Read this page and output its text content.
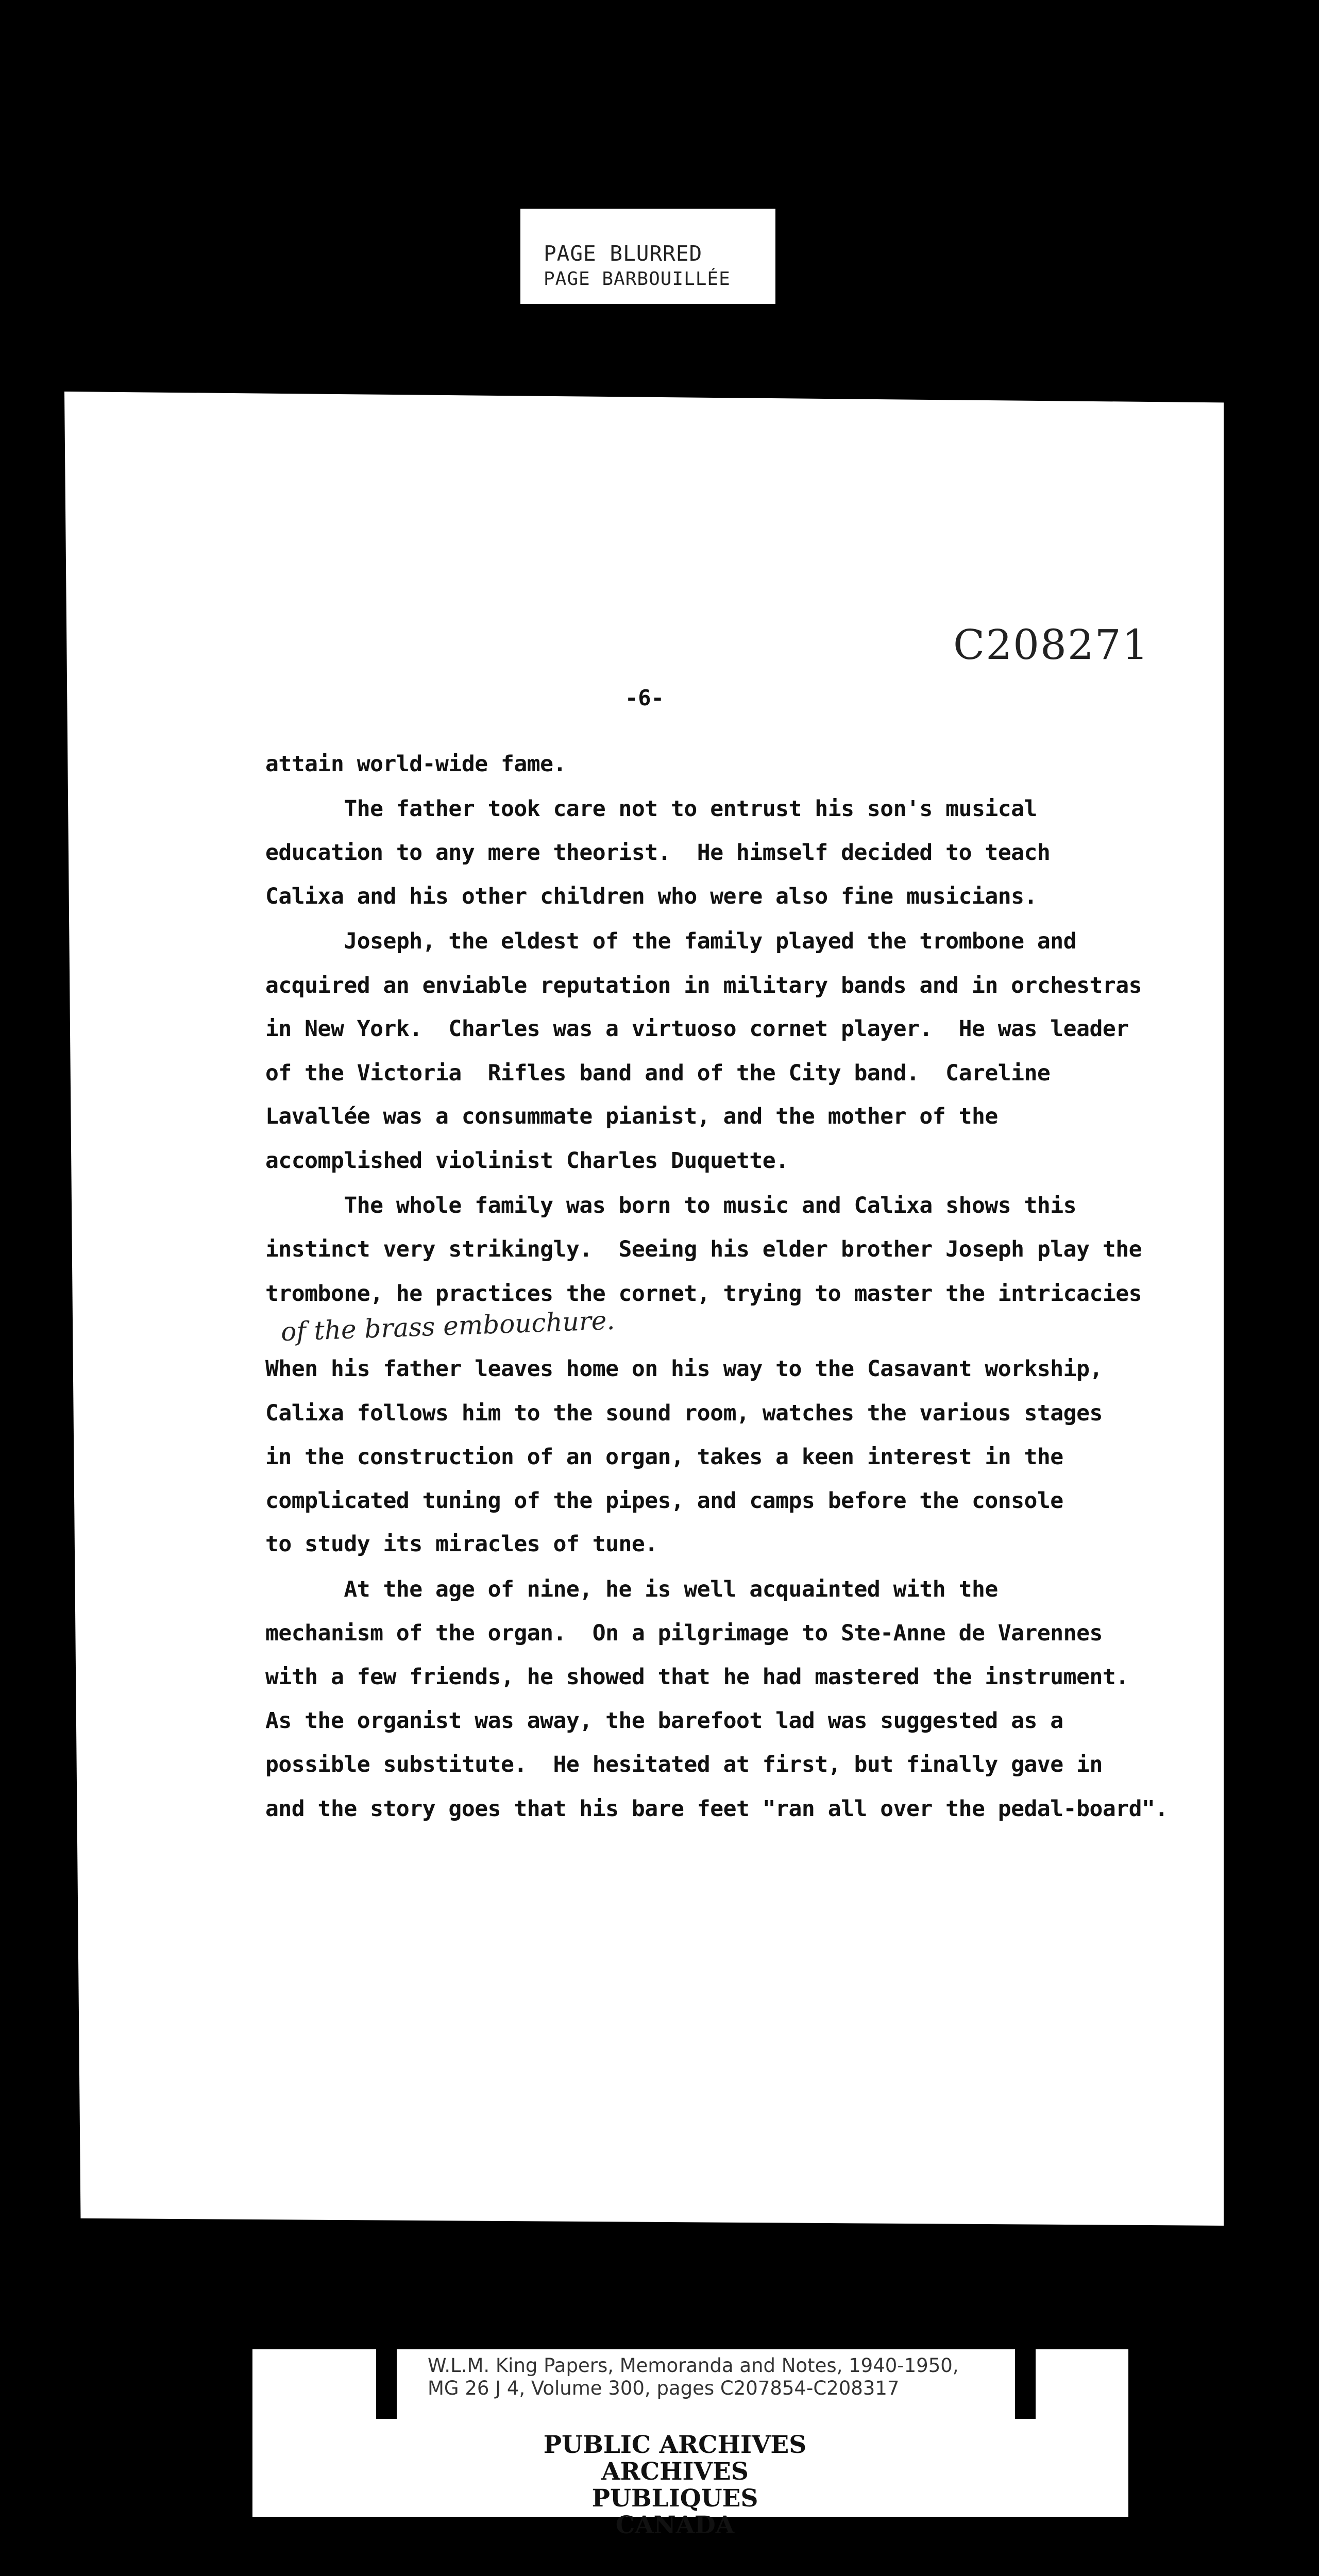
PAGE BLURRED
PAGE BARBOUILLÉE
C208271
-6-
attain world-wide fame.
The father took care not to entrust his son's musical
education to any mere theorist.  He himself decided to teach
Calixa and his other children who were also fine musicians.
Joseph, the eldest of the family played the trombone and
acquired an enviable reputation in military bands and in orchestras
in New York.  Charles was a virtuoso cornet player.  He was leader
of the Victoria  Rifles band and of the City band.  Careline
Lavallée was a consummate pianist, and the mother of the
accomplished violinist Charles Duquette.
The whole family was born to music and Calixa shows this
instinct very strikingly.  Seeing his elder brother Joseph play the
trombone, he practices the cornet, trying to master the intricacies
When his father leaves home on his way to the Casavant workship,
Calixa follows him to the sound room, watches the various stages
in the construction of an organ, takes a keen interest in the
complicated tuning of the pipes, and camps before the console
to study its miracles of tune.
At the age of nine, he is well acquainted with the
mechanism of the organ.  On a pilgrimage to Ste-Anne de Varennes
with a few friends, he showed that he had mastered the instrument.
As the organist was away, the barefoot lad was suggested as a
possible substitute.  He hesitated at first, but finally gave in
and the story goes that his bare feet "ran all over the pedal-board".
of the brass embouchure.
W.L.M. King Papers, Memoranda and Notes, 1940-1950,
MG 26 J 4, Volume 300, pages C207854-C208317
PUBLIC ARCHIVES
ARCHIVES PUBLIQUES
CANADA
